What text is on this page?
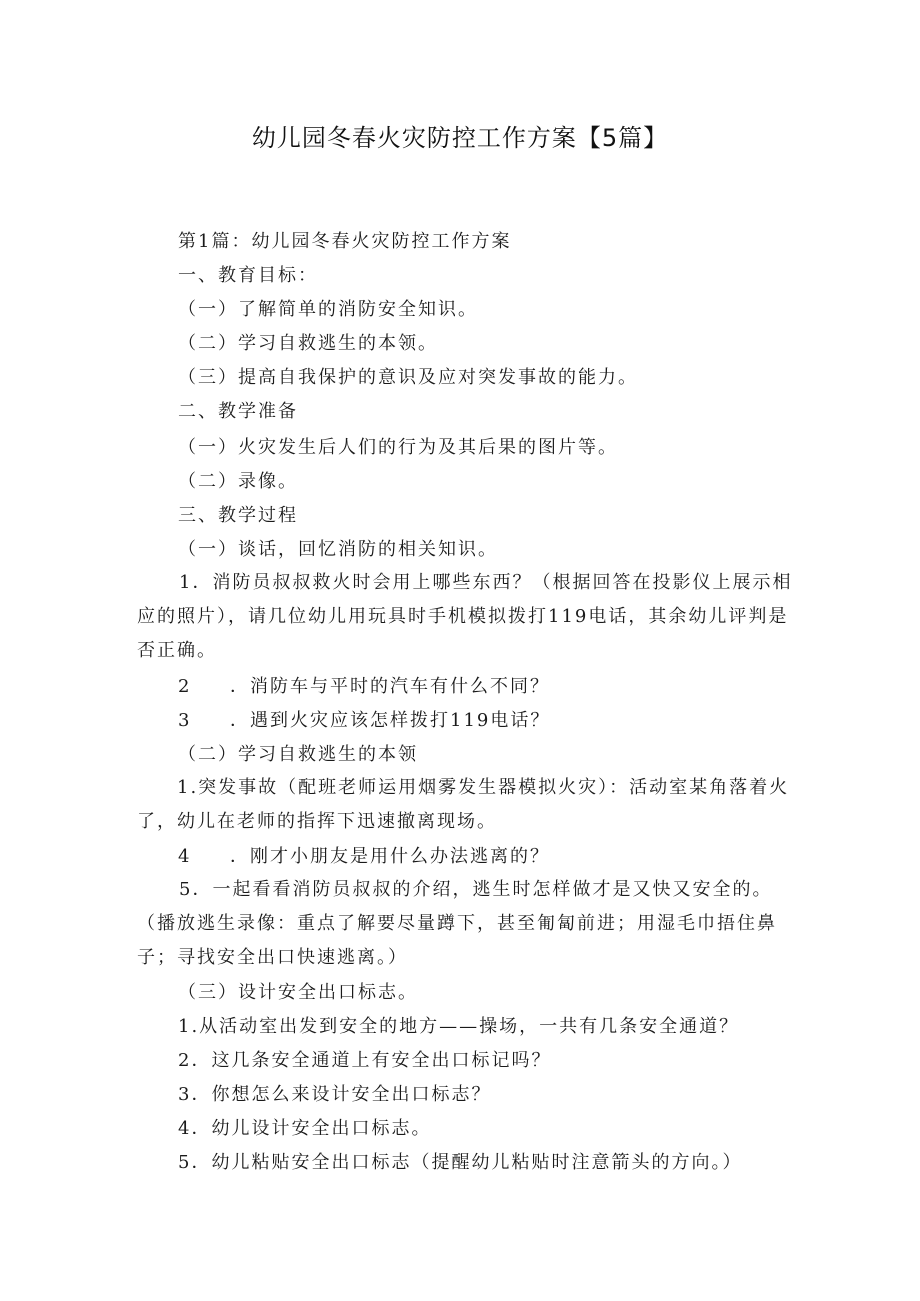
幼儿园冬春火灾防控工作方案【5篇】

第1篇：幼儿园冬春火灾防控工作方案

一、教育目标：

（一）了解简单的消防安全知识。

（二）学习自救逃生的本领。

（三）提高自我保护的意识及应对突发事故的能力。

二、教学准备

（一）火灾发生后人们的行为及其后果的图片等。

（二）录像。

三、教学过程

（一）谈话，回忆消防的相关知识。

1．消防员叔叔救火时会用上哪些东西？（根据回答在投影仪上展示相应的照片），请几位幼儿用玩具时手机模拟拨打119电话，其余幼儿评判是否正确。

2 ．消防车与平时的汽车有什么不同？

3 ．遇到火灾应该怎样拨打119电话？

（二）学习自救逃生的本领

1.突发事故（配班老师运用烟雾发生器模拟火灾）：活动室某角落着火了，幼儿在老师的指挥下迅速撤离现场。

4 ．刚才小朋友是用什么办法逃离的？

5．一起看看消防员叔叔的介绍，逃生时怎样做才是又快又安全的。（播放逃生录像：重点了解要尽量蹲下，甚至匍匐前进；用湿毛巾捂住鼻子；寻找安全出口快速逃离。）

（三）设计安全出口标志。

1.从活动室出发到安全的地方——操场，一共有几条安全通道？

2．这几条安全通道上有安全出口标记吗？

3．你想怎么来设计安全出口标志？

4．幼儿设计安全出口标志。

5．幼儿粘贴安全出口标志（提醒幼儿粘贴时注意箭头的方向。）
